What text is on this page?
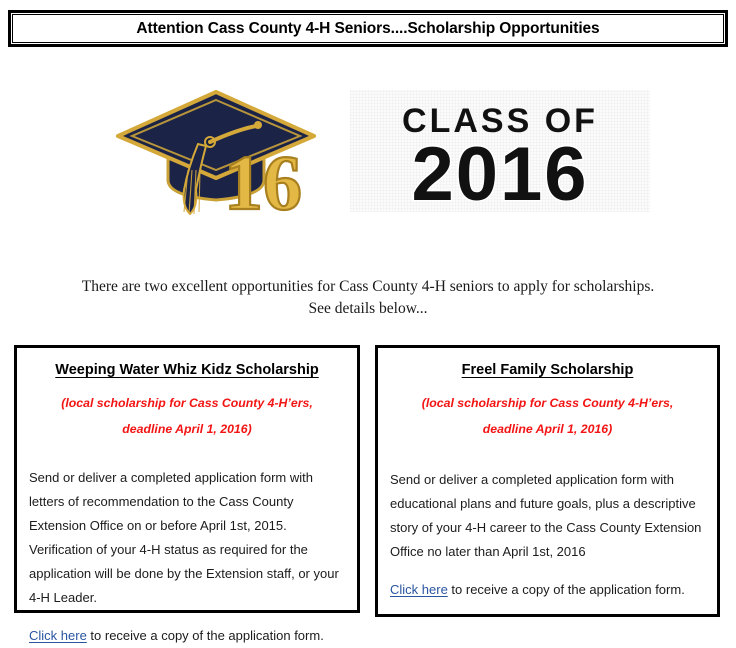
Attention Cass County 4-H Seniors....Scholarship Opportunities
16
CLASS OF
2016
There are two excellent opportunities for Cass County 4-H seniors to apply for scholarships.
See details below...
Weeping Water Whiz Kidz Scholarship
(local scholarship for Cass County 4-H’ers,
deadline April 1, 2016)
Send or deliver a completed application form with letters of recommendation to the Cass County Extension Office on or before April 1st, 2015. Verification of your 4-H status as required for the application will be done by the Extension staff, or your 4-H Leader.
Click here to receive a copy of the application form.
Freel Family Scholarship
(local scholarship for Cass County 4-H’ers,
deadline April 1, 2016)
Send or deliver a completed application form with educational plans and future goals, plus a descriptive story of your 4-H career to the Cass County Extension Office no later than April 1st, 2016
Click here to receive a copy of the application form.
